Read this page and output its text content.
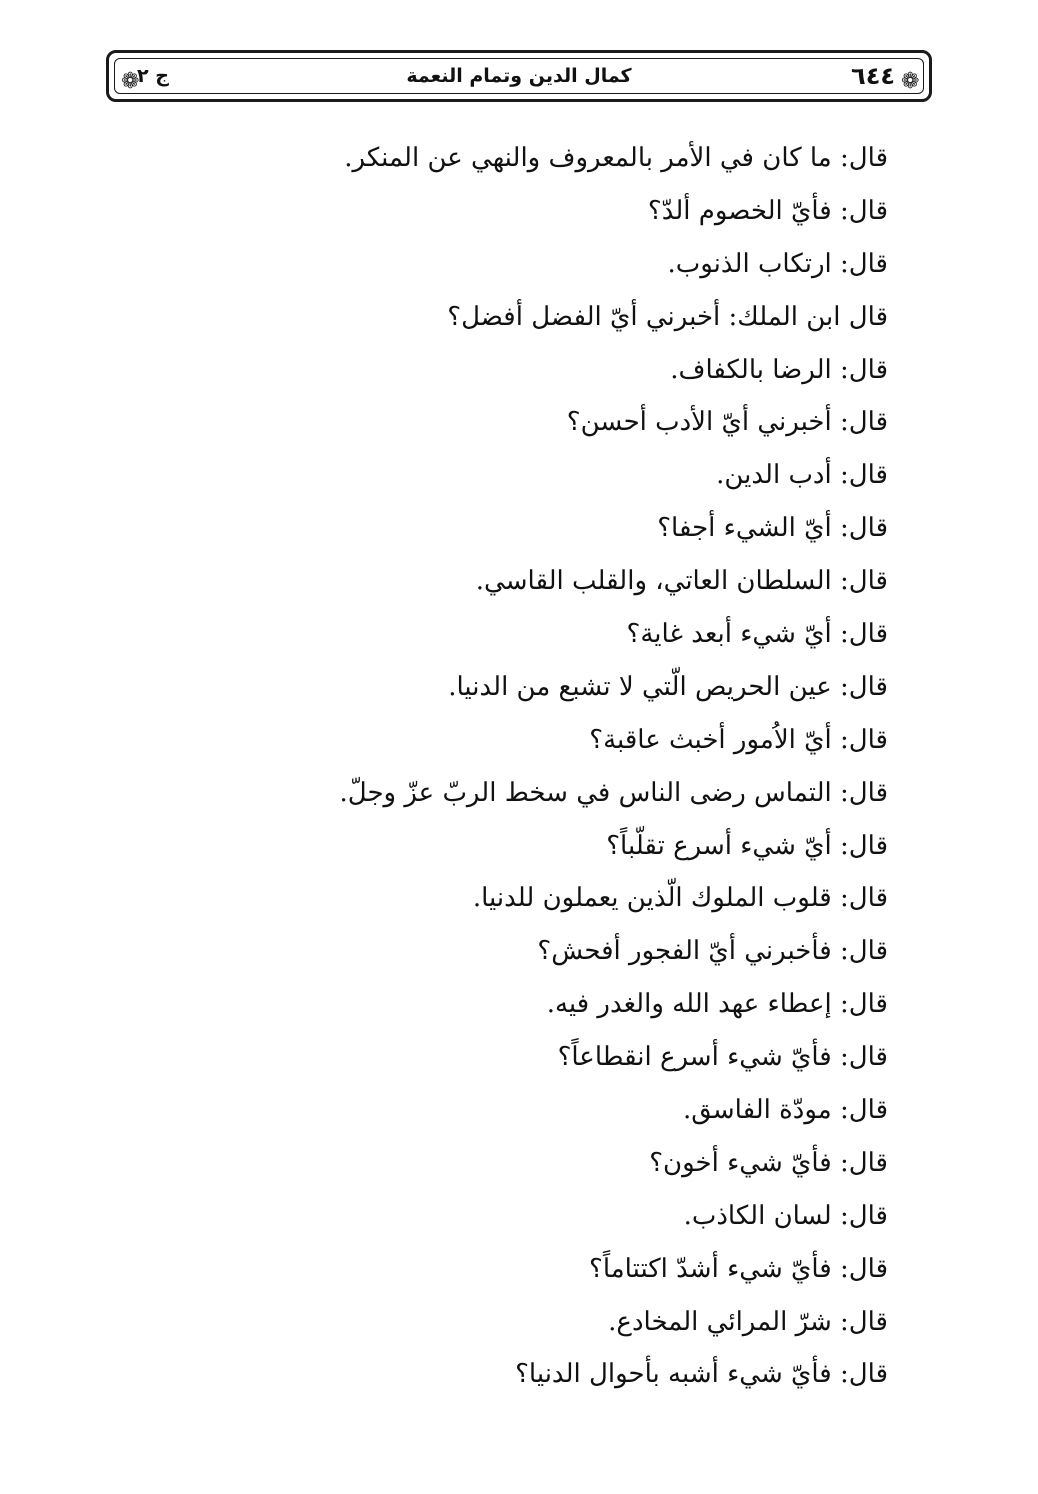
❁
❁	٦٤٤
كمال الدين وتمام النعمة
ج ٢
قال: ما كان في الأمر بالمعروف والنهي عن المنكر.
قال: فأيّ الخصوم ألدّ؟
قال: ارتكاب الذنوب.
قال ابن الملك: أخبرني أيّ الفضل أفضل؟
قال: الرضا بالكفاف.
قال: أخبرني أيّ الأدب أحسن؟
قال: أدب الدين.
قال: أيّ الشيء أجفا؟
قال: السلطان العاتي، والقلب القاسي.
قال: أيّ شيء أبعد غاية؟
قال: عين الحريص الّتي لا تشبع من الدنيا.
قال: أيّ الاُمور أخبث عاقبة؟
قال: التماس رضى الناس في سخط الربّ عزّ وجلّ.
قال: أيّ شيء أسرع تقلّباً؟
قال: قلوب الملوك الّذين يعملون للدنيا.
قال: فأخبرني أيّ الفجور أفحش؟
قال: إعطاء عهد الله والغدر فيه.
قال: فأيّ شيء أسرع انقطاعاً؟
قال: مودّة الفاسق.
قال: فأيّ شيء أخون؟
قال: لسان الكاذب.
قال: فأيّ شيء أشدّ اكتتاماً؟
قال: شرّ المرائي المخادع.
قال: فأيّ شيء أشبه بأحوال الدنيا؟
